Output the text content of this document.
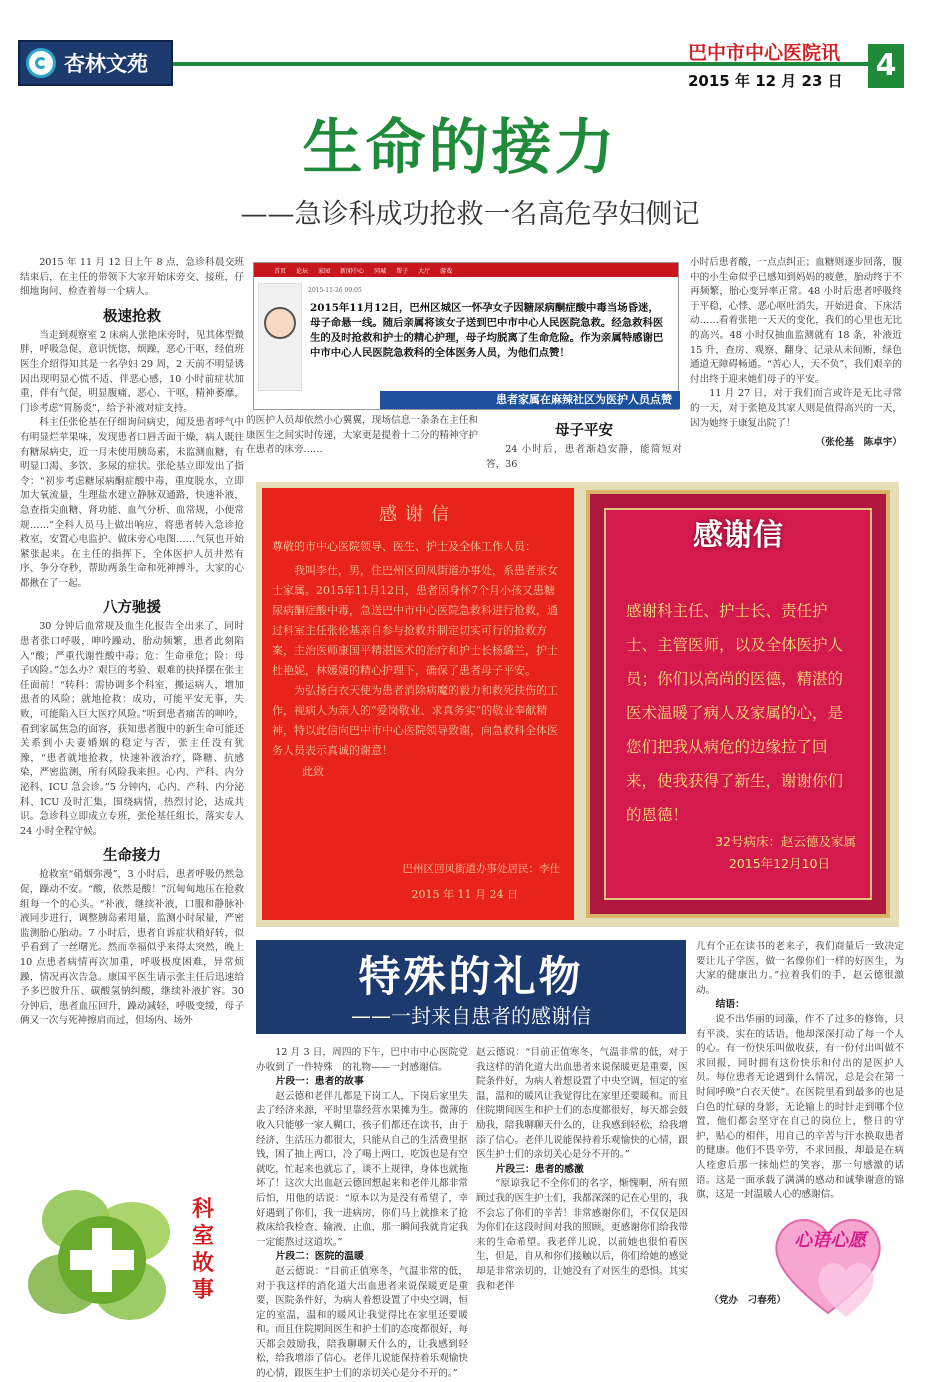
杏林文苑	巴中市中心医院讯
2015 年 12 月 23 日 4
生命的接力
——急诊科成功抢救一名高危孕妇侧记

2015 年 11 月 12 日上午 8 点，急诊科晨交班结束后，在主任的带领下大家开始床旁交、接班，仔细地询问、检查着每一个病人。

极速抢救

当走到观察室 2 床病人张艳床旁时，见其体型微胖，呼吸急促，意识恍惚，烦躁，恶心干呕，经值班医生介绍得知其是一名孕妇 29 周，2 天前不明显诱因出现明显心慌不适、伴恶心感，10 小时前症状加重，伴有气促，明显腹痛、恶心、干呕，精神萎靡，门诊考虑“胃肠炎”，给予补液对症支持。

科主任张伦基在仔细询问病史，闻及患者呼气中有明显烂苹果味，发现患者口唇舌面干燥，病人既往有糖尿病史，近一月未使用胰岛素，未监测血糖，有明显口渴、多饮、多尿的症状。张伦基立即发出了指令：“初步考虑糖尿病酮症酸中毒，重度脱水，立即加大氧流量，生理盐水建立静脉双通路，快速补液，急查指尖血糖、肾功能、血气分析、血常规，小便常规……”全科人员马上做出响应，将患者转入急诊抢救室，安置心电监护、做床旁心电图……气氛也开始紧张起来。在主任的指挥下，全体医护人员井然有序、争分夺秒，帮助两条生命和死神搏斗，大家的心都揪在了一起。

八方驰援

30 分钟后血常规及血生化报告全出来了，同时患者张口呼吸，呻吟躁动，胎动频繁，患者此刻陷入“酸；严重代谢性酸中毒；危：生命垂危；险：母子凶险。”怎么办？艰巨的考验、艰难的抉择摆在张主任面前！“转科：需协调多个科室，搬运病人，增加患者的风险；就地抢救：成功，可能平安无事，失败，可能陷入巨大医疗风险。”听到患者痛苦的呻吟，看到家属焦急的面容，获知患者腹中的新生命可能还关系到小夫妻婚姻的稳定与否，张主任没有犹豫，“患者就地抢救，快速补液治疗，降糖、抗感染，严密监测，所有风险我来担。心内、产科、内分泌科、ICU 急会诊。”5 分钟内，心内、产科、内分泌科、ICU 及时汇集，围绕病情，热烈讨论，达成共识。急诊科立即成立专班，张伦基任组长，落实专人 24 小时全程守候。

生命接力

抢救室“硝烟弥漫”，3 小时后，患者呼吸仍然急促，躁动不安。“酸，依然是酸！”沉甸甸地压在抢救组每一个的心头。“补液，继续补液，口服和静脉补液同步进行，调整胰岛素用量，监测小时尿量，严密监测胎心胎动。7 小时后，患者自诉症状稍好转，似乎看到了一丝曙光。然而幸福似乎来得太突然，晚上 10 点患者病情再次加重，呼吸极度困难，异常烦躁，情况再次告急。康国平医生请示张主任后迅速给予多巴胺升压、碳酸氢钠纠酸，继续补液扩容。30 分钟后，患者血压回升，躁动减轻，呼吸变缓，母子俩又一次与死神擦肩而过，但场内、场外

首页 论坛 家园 新闻中心 同城 帮子 大厅 游戏
2015-11-26 09:05
2015年11月12日，巴州区城区一怀孕女子因糖尿病酮症酸中毒当场昏迷，母子命悬一线。随后亲属将该女子送到巴中市中心人民医院急救。经急救科医生的及时抢救和护士的精心护理，母子均脱离了生命危险。作为亲属特感谢巴中市中心人民医院急救科的全体医务人员，为他们点赞！
患者家属在麻辣社区为医护人员点赞

的医护人员却依然小心翼翼，现场信息一条条在主任和康医生之间实时传递，大家更是提着十二分的精神守护在患者的床旁……

母子平安

24 小时后，患者渐趋安静，能简短对答，36

小时后患者酸，一点点纠正；血糖则逐步回落，腹中的小生命似乎已感知到妈妈的疲惫，胎动终于不再频繁，胎心变异率正常。48 小时后患者呼吸终于平稳，心悸、恶心呕吐消失，开始进食、下床活动……看着张艳一天天的变化，我们的心里也无比的高兴。48 小时仅抽血监测就有 18 条，补液近 15 升，查房、观察、翻身、记录从未间断，绿色通道无障碍畅通。“苦心人，天不负”，我们艰辛的付出终于迎来她们母子的平安。

11 月 27 日，对于我们而言或许是无比寻常的一天，对于张艳及其家人则是值得高兴的一天，因为她终于康复出院了！

（张伦基　陈卓宇）
感谢信
尊敬的市中心医院领导、医生、护士及全体工作人员：
我叫李仕，男，住巴州区回凤街道办事处，系患者张女士家属。2015年11月12日，患者因身怀7个月小孩又患糖尿病酮症酸中毒，急送巴中市中心医院急救科进行抢救，通过科室主任张伦基亲自参与抢救并制定切实可行的抢救方案，主治医师康国平精湛医术的治疗和护士长杨璐兰，护士杜艳妮，林媛媛的精心护理下，确保了患者母子平安。
为弘扬白衣天使为患者消除病魔的毅力和救死扶伤的工作，视病人为亲人的“爱岗敬业、求真务实”的敬业奉献精神，特以此信向巴中市中心医院领导致谢，向急救科全体医务人员表示真诚的谢意！
此致
巴州区回凤街道办事处居民：李仕
2015 年 11 月 24 日
感谢信
感谢科主任、护士长、责任护士、主管医师，以及全体医护人员；你们以高尚的医德，精湛的医术温暖了病人及家属的心，是您们把我从病危的边缘拉了回来，使我获得了新生，谢谢你们的恩德！
32号病床：赵云德及家属
2015年12月10日
特殊的礼物
——一封来自患者的感谢信

12 月 3 日，周四的下午，巴中市中心医院党办收到了一件特殊　的礼物——一封感谢信。

片段一：患者的故事

赵云德和老伴儿都是下岗工人，下岗后家里失去了经济来源，平时里靠经营水果摊为生。微薄的收入只能够一家人糊口，孩子们都还在读书，由于经济、生活压力都很大，只能从自己的生活费里抠钱，困了抽上两口，冷了喝上两口，吃饭也是有空就吃，忙起来也就忘了，谈不上规律，身体也就拖坏了！这次大出血赵云德回想起来和老伴儿都非常后怕，用他的话说：“原本以为是没有希望了，幸好遇到了你们，我一进病房，你们马上就推来了抢救床给我检查、输液、止血，那一瞬间我就肯定我一定能熬过这道坎。”

片段二：医院的温暖

赵云德说：“目前正值寒冬，气温非常的低，对于我这样的消化道大出血患者来说保暖更是重要，医院条件好，为病人着想设置了中央空调，恒定的室温，温和的暖风让我觉得比在家里还要暖和。而且住院期间医生和护士们的态度都很好，每天都会鼓励我，陪我聊聊天什么的，让我感到轻松，给我增添了信心。老伴儿说能保持着乐观愉快的心情，跟医生护士们的亲切关心是分不开的。”

赵云德说：“目前正值寒冬，气温非常的低，对于我这样的消化道大出血患者来说保暖更是重要，医院条件好，为病人着想设置了中央空调，恒定的室温，温和的暖风让我觉得比在家里还要暖和。而且住院期间医生和护士们的态度都很好，每天都会鼓励我，陪我聊聊天什么的，让我感到轻松，给我增添了信心。老伴儿说能保持着乐观愉快的心情，跟医生护士们的亲切关心是分不开的。”

片段三：患者的感激

“原谅我记不全你们的名字，惭愧啊，所有照顾过我的医生护士们，我都深深的记在心里的，我不会忘了你们的辛苦！非常感谢你们，不仅仅是因为你们在这段时间对我的照顾，更感谢你们给我带来的生命希望。我老伴儿说，以前她也很怕看医生，但是，自从和你们接触以后，你们给她的感觉却是非常亲切的，让她没有了对医生的恐惧。其实我和老伴

儿有个正在读书的老来子，我们商量后一致决定要让儿子学医，做一名像你们一样的好医生，为大家的健康出力。”拉着我们的手，赵云德很激动。

结语：

说不出华丽的词藻，作不了过多的修饰，只有平淡、实在的话语，他却深深打动了每一个人的心。有一份快乐叫做收获，有一份付出叫做不求回报，同时拥有这份快乐和付出的是医护人员。每位患者无论遇到什么情况，总是会在第一时间呼唤“白衣天使”。在医院里看到最多的也是白色的忙碌的身影，无论输上的时针走到哪个位置，他们都会坚守在自己的岗位上，整日的守护，贴心的相伴，用自己的辛苦与汗水换取患者的健康。他们不畏辛劳，不求回报，却最是在病人痊愈后那一抹灿烂的笑容，那一句感激的话语。这是一面承载了满满的感动和诚挚谢意的锦旗，这是一封温暖人心的感谢信。

（党办　刁春苑）
心语心愿
科室故事
